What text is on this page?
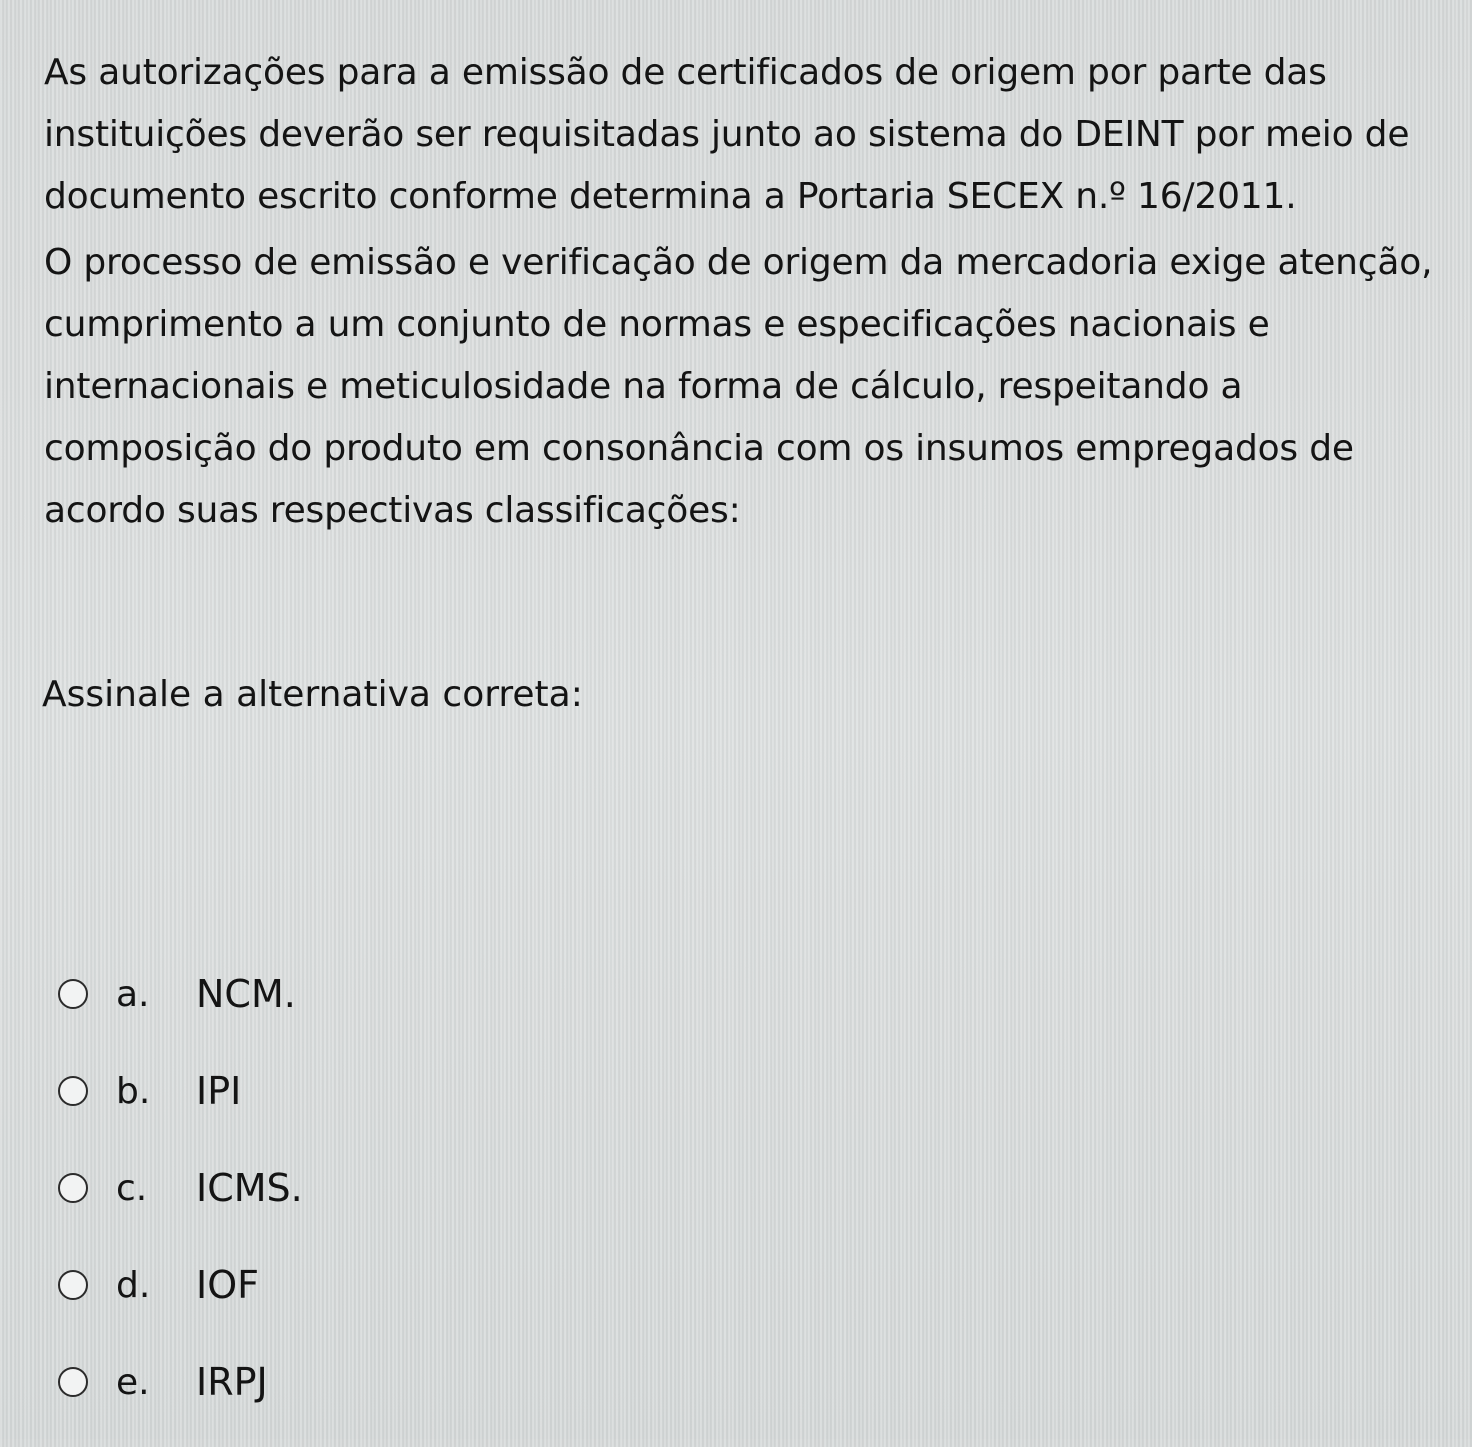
As autorizações para a emissão de certificados de origem por parte das instituições deverão ser requisitadas junto ao sistema do DEINT por meio de documento escrito conforme determina a Portaria SECEX n.º 16/2011.

O processo de emissão e verificação de origem da mercadoria exige atenção, cumprimento a um conjunto de normas e especificações nacionais e internacionais e meticulosidade na forma de cálculo, respeitando a composição do produto em consonância com os insumos empregados de acordo suas respectivas classificações:

Assinale a alternativa correta:

a.	NCM.
b.	IPI
c.	ICMS.
d.	IOF
e.	IRPJ
